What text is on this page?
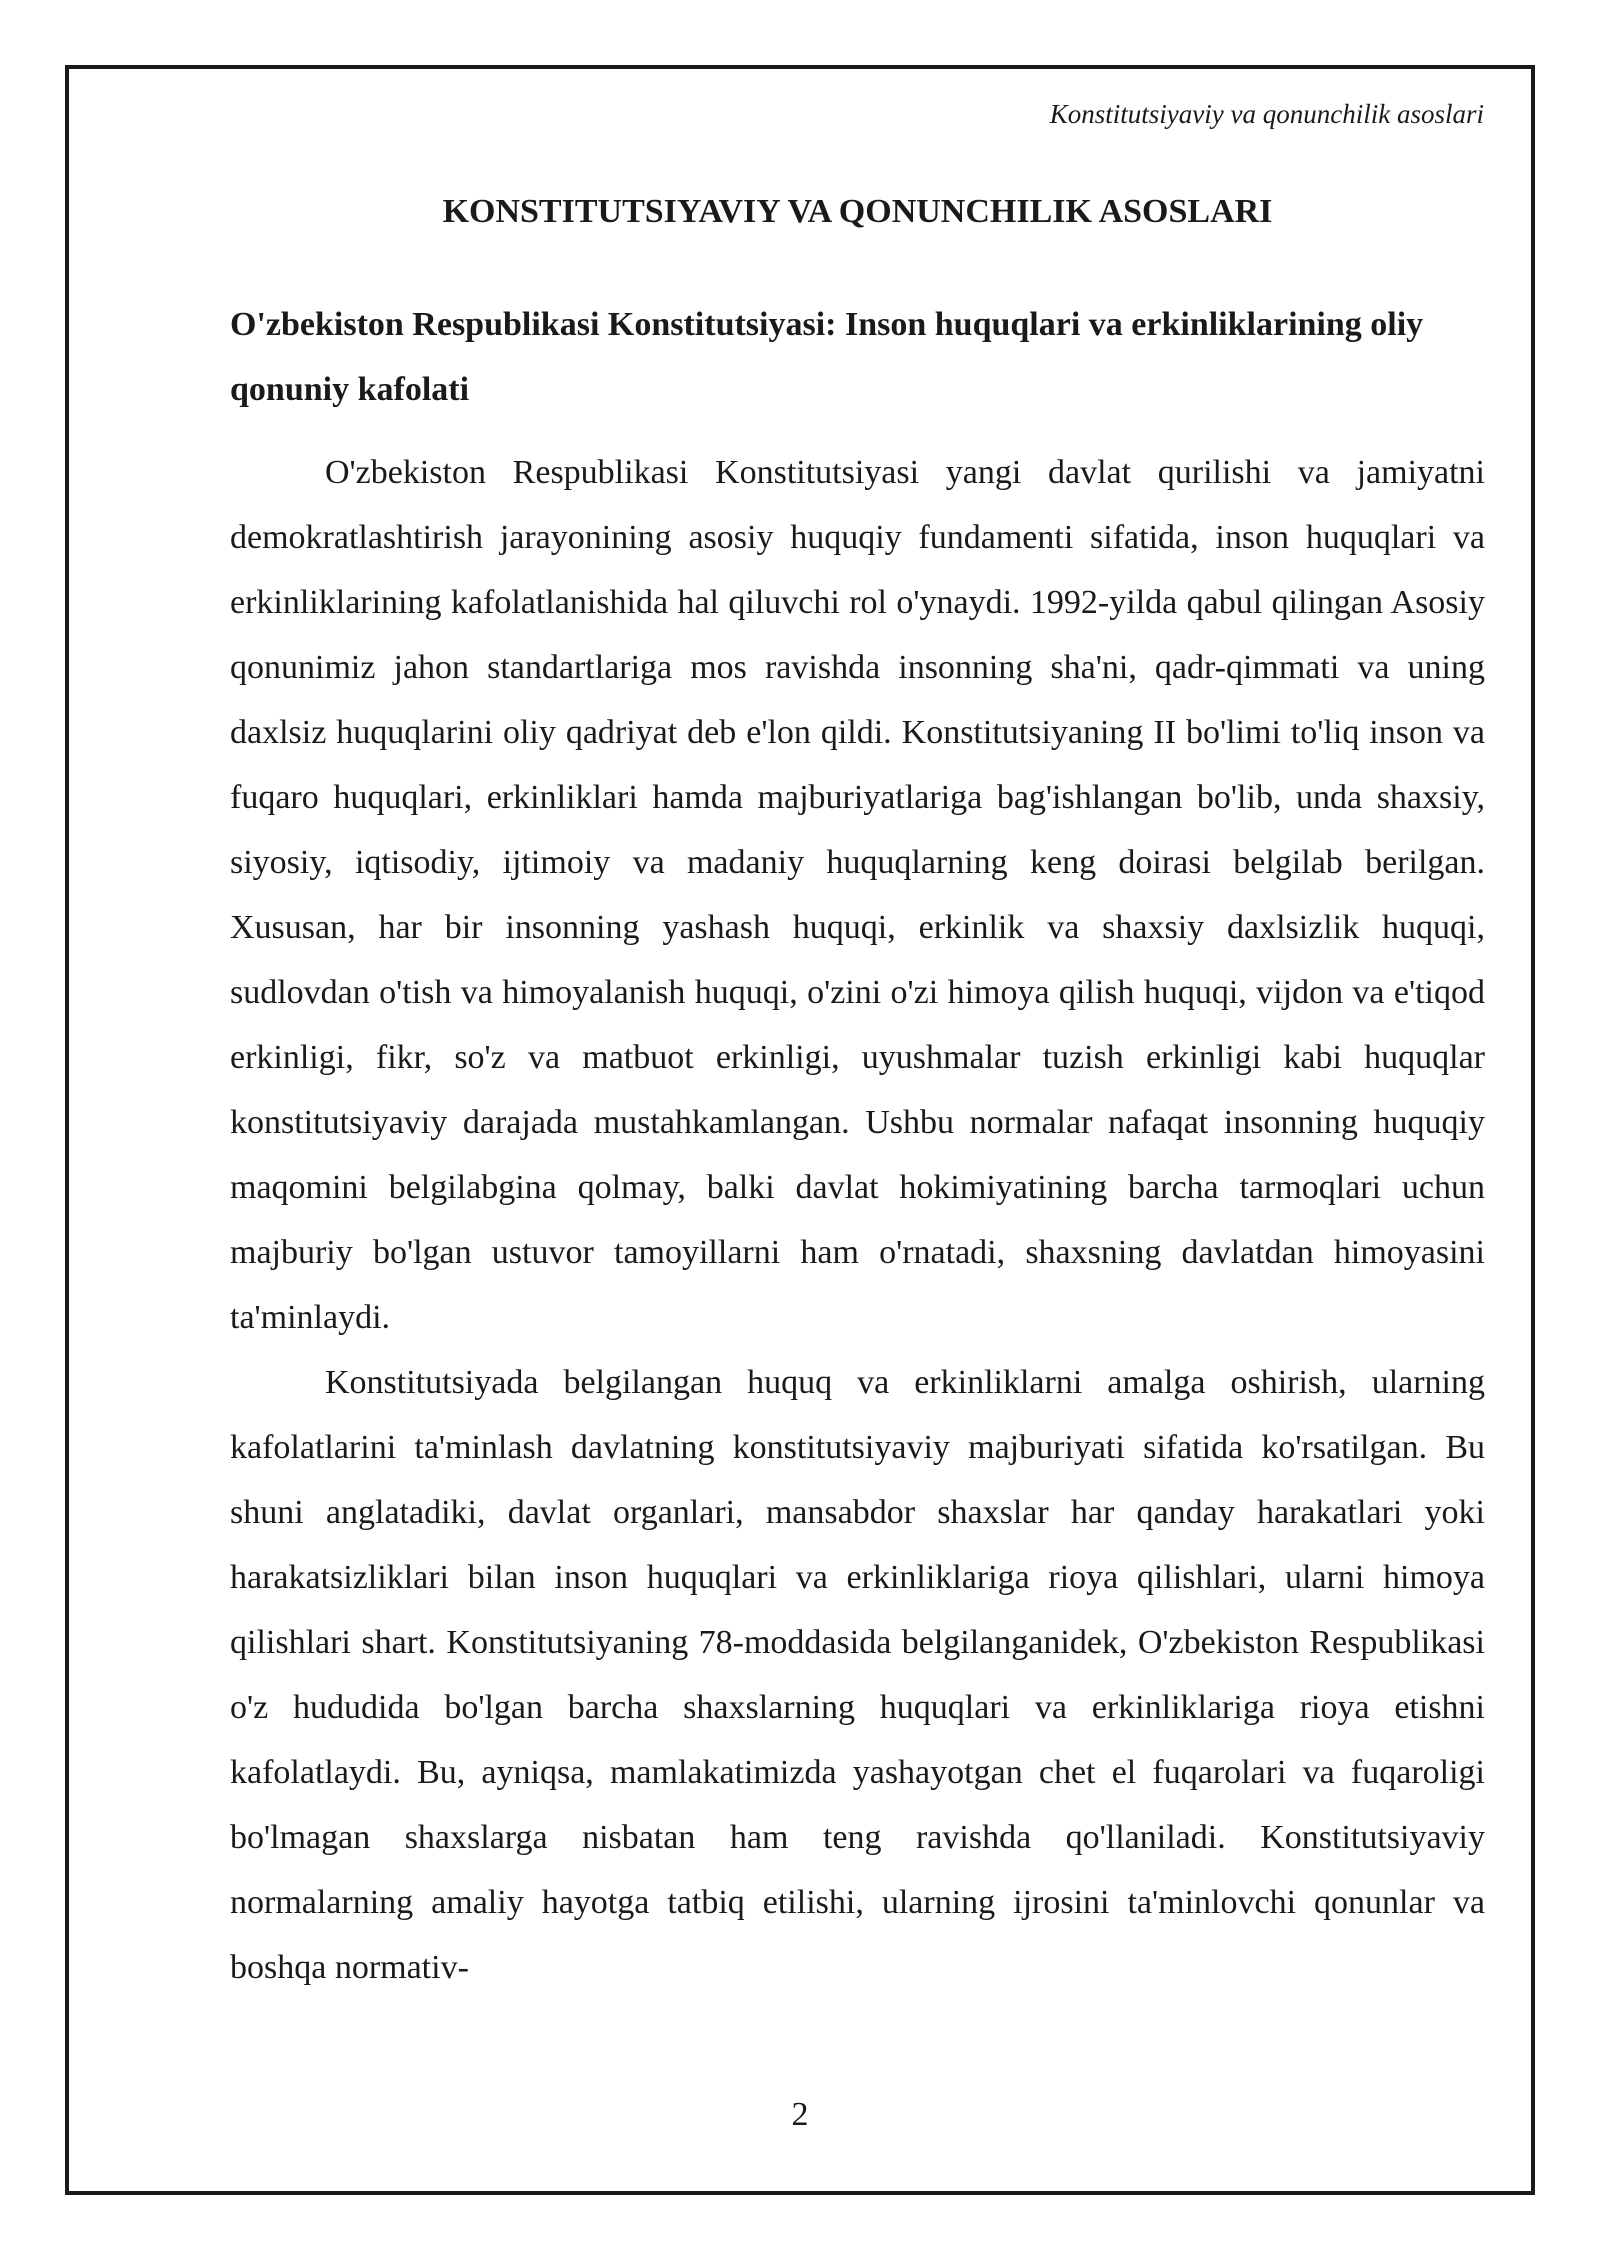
Konstitutsiyaviy va qonunchilik asoslari
KONSTITUTSIYAVIY VA QONUNCHILIK ASOSLARI
O'zbekiston Respublikasi Konstitutsiyasi: Inson huquqlari va erkinliklarining oliy qonuniy kafolati

O'zbekiston Respublikasi Konstitutsiyasi yangi davlat qurilishi va jamiyatni demokratlashtirish jarayonining asosiy huquqiy fundamenti sifatida, inson huquqlari va erkinliklarining kafolatlanishida hal qiluvchi rol o'ynaydi. 1992-yilda qabul qilingan Asosiy qonunimiz jahon standartlariga mos ravishda insonning sha'ni, qadr-qimmati va uning daxlsiz huquqlarini oliy qadriyat deb e'lon qildi. Konstitutsiyaning II bo'limi to'liq inson va fuqaro huquqlari, erkinliklari hamda majburiyatlariga bag'ishlangan bo'lib, unda shaxsiy, siyosiy, iqtisodiy, ijtimoiy va madaniy huquqlarning keng doirasi belgilab berilgan. Xususan, har bir insonning yashash huquqi, erkinlik va shaxsiy daxlsizlik huquqi, sudlovdan o'tish va himoyalanish huquqi, o'zini o'zi himoya qilish huquqi, vijdon va e'tiqod erkinligi, fikr, so'z va matbuot erkinligi, uyushmalar tuzish erkinligi kabi huquqlar konstitutsiyaviy darajada mustahkamlangan. Ushbu normalar nafaqat insonning huquqiy maqomini belgilabgina qolmay, balki davlat hokimiyatining barcha tarmoqlari uchun majburiy bo'lgan ustuvor tamoyillarni ham o'rnatadi, shaxsning davlatdan himoyasini ta'minlaydi.

Konstitutsiyada belgilangan huquq va erkinliklarni amalga oshirish, ularning kafolatlarini ta'minlash davlatning konstitutsiyaviy majburiyati sifatida ko'rsatilgan. Bu shuni anglatadiki, davlat organlari, mansabdor shaxslar har qanday harakatlari yoki harakatsizliklari bilan inson huquqlari va erkinliklariga rioya qilishlari, ularni himoya qilishlari shart. Konstitutsiyaning 78-moddasida belgilanganidek, O'zbekiston Respublikasi o'z hududida bo'lgan barcha shaxslarning huquqlari va erkinliklariga rioya etishni kafolatlaydi. Bu, ayniqsa, mamlakatimizda yashayotgan chet el fuqarolari va fuqaroligi bo'lmagan shaxslarga nisbatan ham teng ravishda qo'llaniladi. Konstitutsiyaviy normalarning amaliy hayotga tatbiq etilishi, ularning ijrosini ta'minlovchi qonunlar va boshqa normativ-

2
